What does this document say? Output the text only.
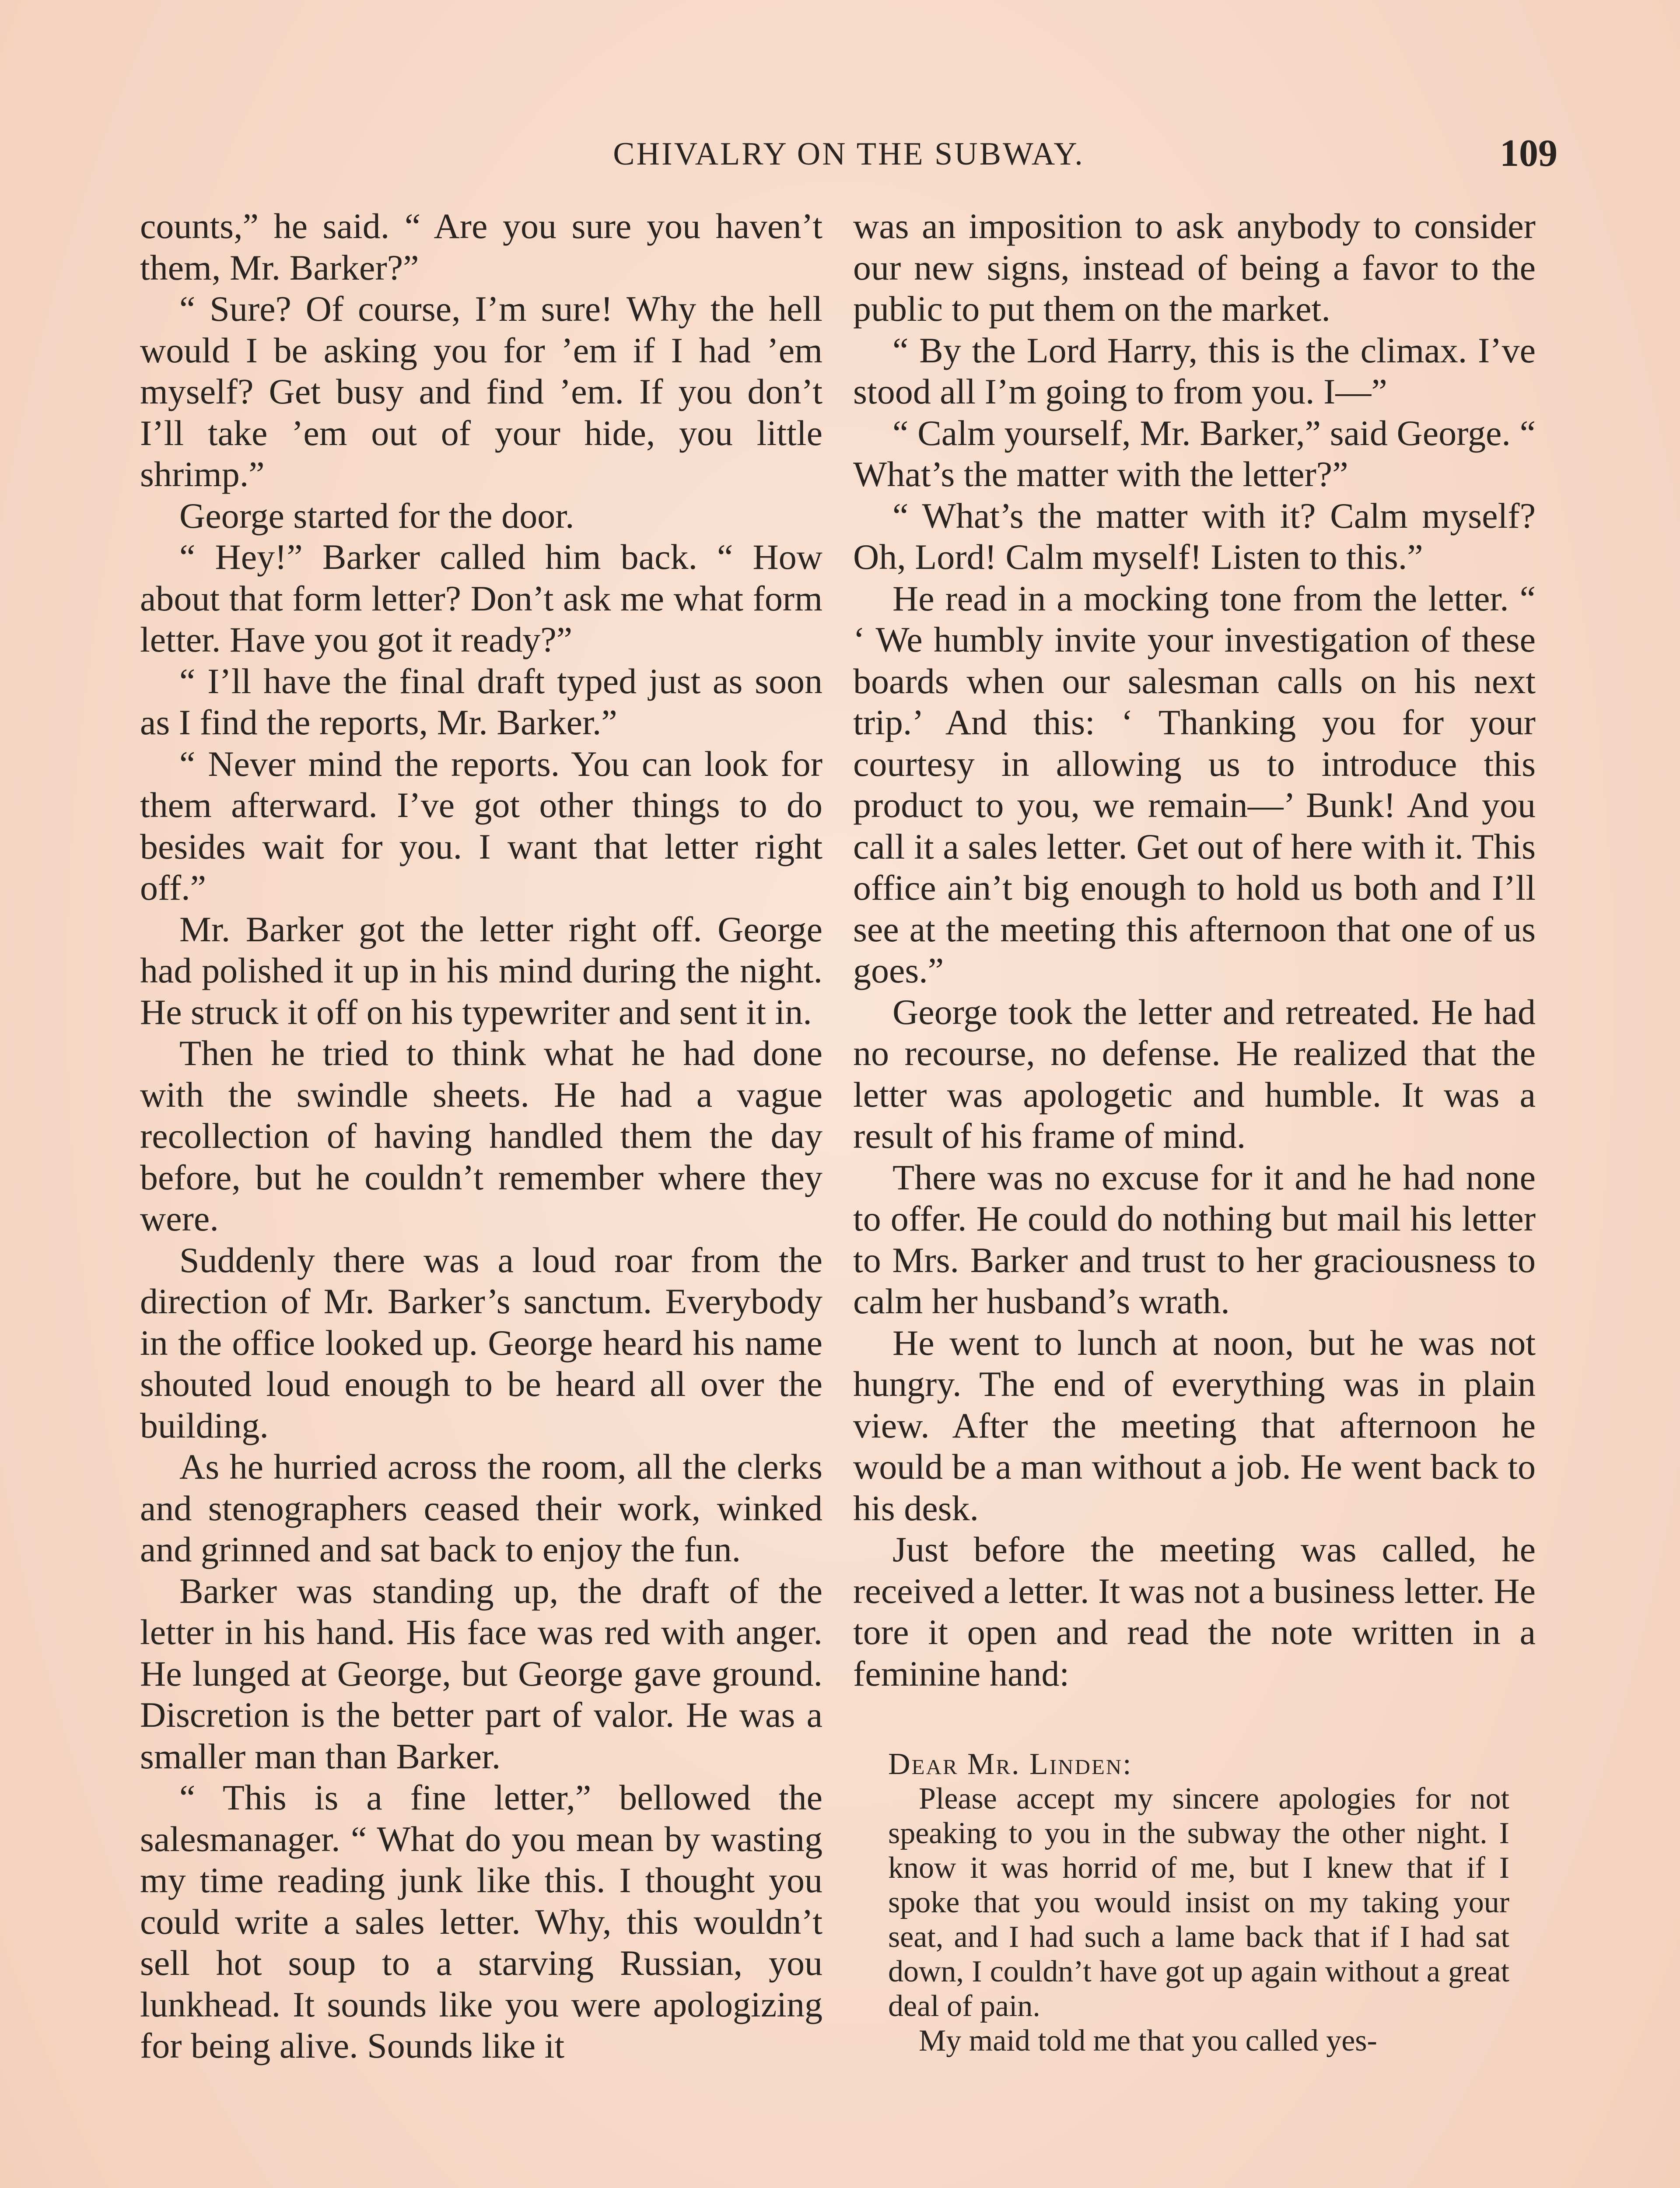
CHIVALRY ON THE SUBWAY.	109

counts,” he said. “ Are you sure you haven’t them, Mr. Barker?”

“ Sure? Of course, I’m sure! Why the hell would I be asking you for ’em if I had ’em myself? Get busy and find ’em. If you don’t I’ll take ’em out of your hide, you little shrimp.”

George started for the door.

“ Hey!” Barker called him back. “ How about that form letter? Don’t ask me what form letter. Have you got it ready?”

“ I’ll have the final draft typed just as soon as I find the reports, Mr. Barker.”

“ Never mind the reports. You can look for them afterward. I’ve got other things to do besides wait for you. I want that letter right off.”

Mr. Barker got the letter right off. George had polished it up in his mind during the night. He struck it off on his typewriter and sent it in.

Then he tried to think what he had done with the swindle sheets. He had a vague recollection of having handled them the day before, but he couldn’t remember where they were.

Suddenly there was a loud roar from the direction of Mr. Barker’s sanctum. Everybody in the office looked up. George heard his name shouted loud enough to be heard all over the building.

As he hurried across the room, all the clerks and stenographers ceased their work, winked and grinned and sat back to enjoy the fun.

Barker was standing up, the draft of the letter in his hand. His face was red with anger. He lunged at George, but George gave ground. Discretion is the better part of valor. He was a smaller man than Barker.

“ This is a fine letter,” bellowed the salesmanager. “ What do you mean by wasting my time reading junk like this. I thought you could write a sales letter. Why, this wouldn’t sell hot soup to a starving Russian, you lunkhead. It sounds like you were apologizing for being alive. Sounds like it

was an imposition to ask anybody to consider our new signs, instead of being a favor to the public to put them on the market.

“ By the Lord Harry, this is the climax. I’ve stood all I’m going to from you. I—”

“ Calm yourself, Mr. Barker,” said George. “ What’s the matter with the letter?”

“ What’s the matter with it? Calm myself? Oh, Lord! Calm myself! Listen to this.”

He read in a mocking tone from the letter. “ ‘ We humbly invite your investigation of these boards when our salesman calls on his next trip.’ And this: ‘ Thanking you for your courtesy in allowing us to introduce this product to you, we remain—’ Bunk! And you call it a sales letter. Get out of here with it. This office ain’t big enough to hold us both and I’ll see at the meeting this afternoon that one of us goes.”

George took the letter and retreated. He had no recourse, no defense. He realized that the letter was apologetic and humble. It was a result of his frame of mind.

There was no excuse for it and he had none to offer. He could do nothing but mail his letter to Mrs. Barker and trust to her graciousness to calm her husband’s wrath.

He went to lunch at noon, but he was not hungry. The end of everything was in plain view. After the meeting that afternoon he would be a man without a job. He went back to his desk.

Just before the meeting was called, he received a letter. It was not a business letter. He tore it open and read the note written in a feminine hand:

Dear Mr. Linden:

Please accept my sincere apologies for not speaking to you in the subway the other night. I know it was horrid of me, but I knew that if I spoke that you would insist on my taking your seat, and I had such a lame back that if I had sat down, I couldn’t have got up again without a great deal of pain.

My maid told me that you called yes-
